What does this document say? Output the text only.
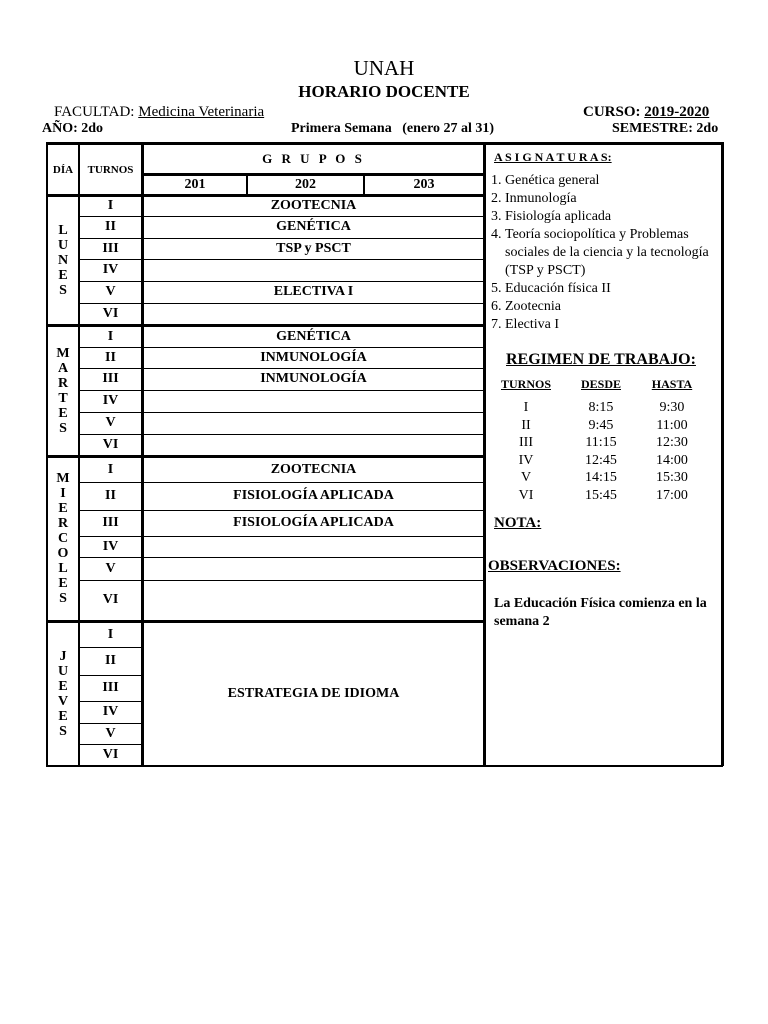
UNAH
HORARIO DOCENTE
FACULTAD: Medicina Veterinaria	CURSO: 2019-2020
AÑO: 2do	Primera Semana   (enero 27 al 31)	SEMESTRE: 2do
DÍA	TURNOS
G R U P O S
201	202	203
L
U
N
E
S
I	ZOOTECNIA
II	GENÉTICA
III	TSP y PSCT
IV
V	ELECTIVA I
VI
M
A
R
T
E
S
I	GENÉTICA
II	INMUNOLOGÍA
III	INMUNOLOGÍA
IV
V
VI
M
I
E
R
C
O
L
E
S
I	ZOOTECNIA
II	FISIOLOGÍA APLICADA
III	FISIOLOGÍA APLICADA
IV
V
VI
J
U
E
V
E
S
I
II
III
IV
V
VI
ESTRATEGIA DE IDIOMA
A S I G N A T U R A S:
1. Genética general
2. Inmunología
3. Fisiología aplicada
4. Teoría sociopolítica y Problemas sociales de la ciencia y la tecnología (TSP y PSCT)
5. Educación física II
6. Zootecnia
7. Electiva I
REGIMEN DE TRABAJO:
TURNOS	DESDE	HASTA
I	8:15	9:30
II	9:45	11:00
III	11:15	12:30
IV	12:45	14:00
V	14:15	15:30
VI	15:45	17:00
NOTA:
OBSERVACIONES:
La Educación Física comienza en la semana 2
